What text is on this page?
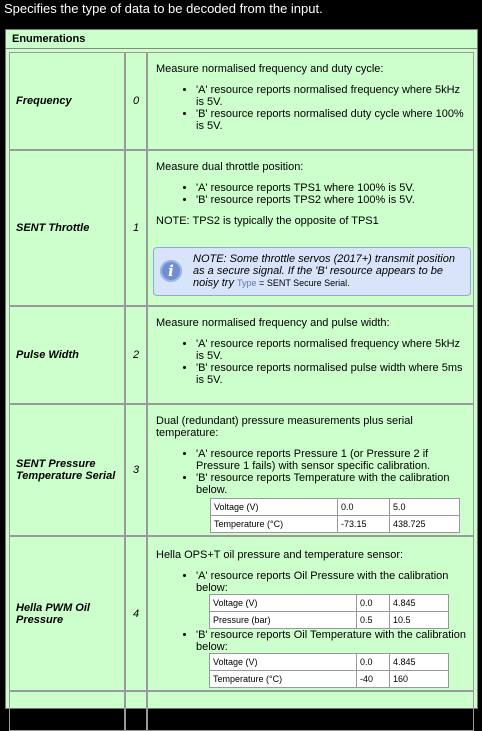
Specifies the type of data to be decoded from the input.
Enumerations
Frequency	0

Measure normalised frequency and duty cycle:

• 'A' resource reports normalised frequency where 5kHz is 5V.
• 'B' resource reports normalised duty cycle where 100% is 5V.
SENT Throttle	1

Measure dual throttle position:

• 'A' resource reports TPS1 where 100% is 5V.
• 'B' resource reports TPS2 where 100% is 5V.

NOTE: TPS2 is typically the opposite of TPS1

i
NOTE: Some throttle servos (2017+) transmit position as a secure signal. If the 'B' resource appears to be noisy try Type = SENT Secure Serial.
Pulse Width	2

Measure normalised frequency and pulse width:

• 'A' resource reports normalised frequency where 5kHz is 5V.
• 'B' resource reports normalised pulse width where 5ms is 5V.
SENT Pressure Temperature Serial	3

Dual (redundant) pressure measurements plus serial temperature:

• 'A' resource reports Pressure 1 (or Pressure 2 if Pressure 1 fails) with sensor specific calibration.
• 'B' resource reports Temperature with the calibration below.
Voltage (V)	0.0	5.0
Temperature (°C)	-73.15	438.725
Hella PWM Oil Pressure	4

Hella OPS+T oil pressure and temperature sensor:

• 'A' resource reports Oil Pressure with the calibration below:
Voltage (V)	0.0	4.845
Pressure (bar)	0.5	10.5
• 'B' resource reports Oil Temperature with the calibration below:
Voltage (V)	0.0	4.845
Temperature (°C)	-40	160
